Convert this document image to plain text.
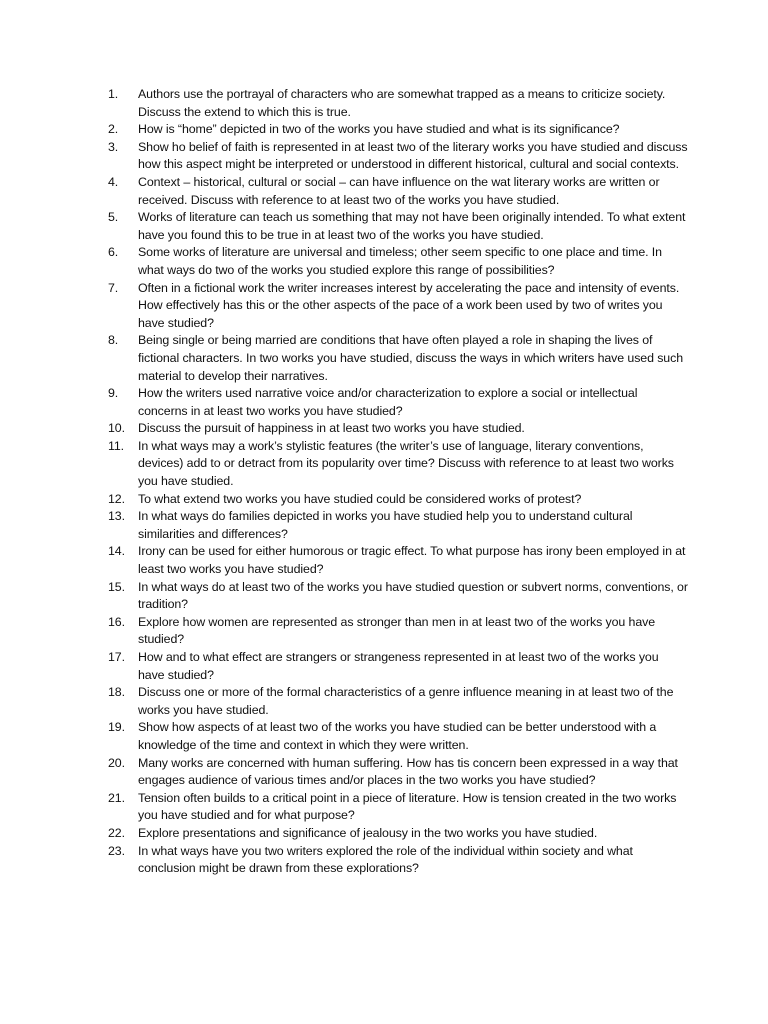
1.	Authors use the portrayal of characters who are somewhat trapped as a means to criticize society. Discuss the extend to which this is true.
2.	How is “home” depicted in two of the works you have studied and what is its significance?
3.	Show ho belief of faith is represented in at least two of the literary works you have studied and discuss how this aspect might be interpreted or understood in different historical, cultural and social contexts.
4.	Context – historical, cultural or social – can have influence on the wat literary works are written or received. Discuss with reference to at least two of the works you have studied.
5.	Works of literature can teach us something that may not have been originally intended. To what extent have you found this to be true in at least two of the works you have studied.
6.	Some works of literature are universal and timeless; other seem specific to one place and time. In what ways do two of the works you studied explore this range of possibilities?
7.	Often in a fictional work the writer increases interest by accelerating the pace and intensity of events. How effectively has this or the other aspects of the pace of a work been used by two of writes you have studied?
8.	Being single or being married are conditions that have often played a role in shaping the lives of fictional characters. In two works you have studied, discuss the ways in which writers have used such material to develop their narratives.
9.	How the writers used narrative voice and/or characterization to explore a social or intellectual concerns in at least two works you have studied?
10.	Discuss the pursuit of happiness in at least two works you have studied.
11.	In what ways may a work’s stylistic features (the writer’s use of language, literary conventions, devices) add to or detract from its popularity over time? Discuss with reference to at least two works you have studied.
12.	To what extend two works you have studied could be considered works of protest?
13.	In what ways do families depicted in works you have studied help you to understand cultural similarities and differences?
14.	Irony can be used for either humorous or tragic effect. To what purpose has irony been employed in at least two works you have studied?
15.	In what ways do at least two of the works you have studied question or subvert norms, conventions, or tradition?
16.	Explore how women are represented as stronger than men in at least two of the works you have studied?
17.	How and to what effect are strangers or strangeness represented in at least two of the works you have studied?
18.	Discuss one or more of the formal characteristics of a genre influence meaning in at least two of the works you have studied.
19.	Show how aspects of at least two of the works you have studied can be better understood with a knowledge of the time and context in which they were written.
20.	Many works are concerned with human suffering. How has tis concern been expressed in a way that engages audience of various times and/or places in the two works you have studied?
21.	Tension often builds to a critical point in a piece of literature. How is tension created in the two works you have studied and for what purpose?
22.	Explore presentations and significance of jealousy in the two works you have studied.
23.	In what ways have you two writers explored the role of the individual within society and what conclusion might be drawn from these explorations?
